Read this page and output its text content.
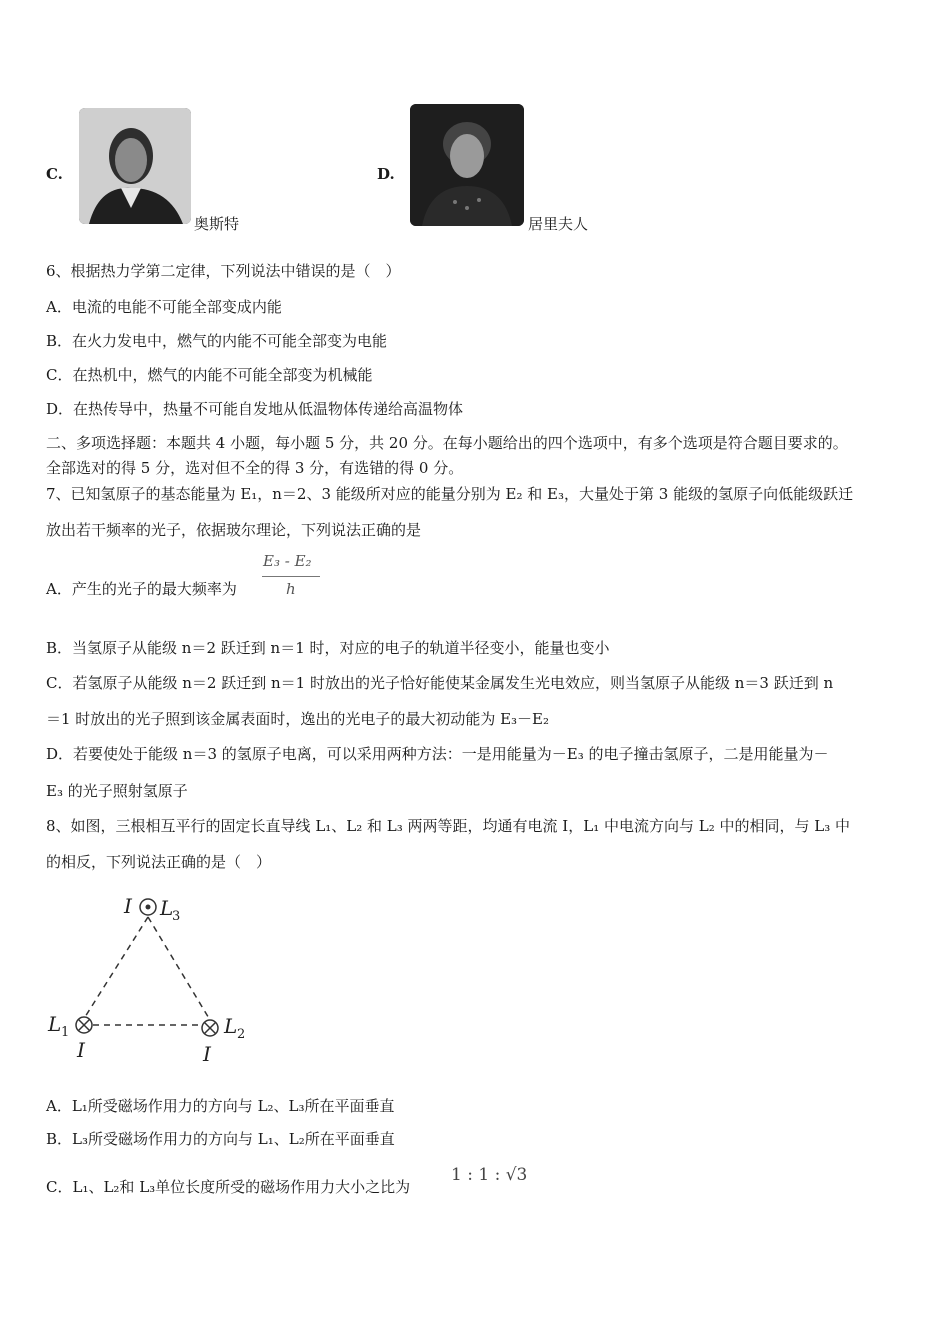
C.
奥斯特
D.
居里夫人
6、根据热力学第二定律，下列说法中错误的是（　）
A．电流的电能不可能全部变成内能
B．在火力发电中，燃气的内能不可能全部变为电能
C．在热机中，燃气的内能不可能全部变为机械能
D．在热传导中，热量不可能自发地从低温物体传递给高温物体
二、多项选择题：本题共 4 小题，每小题 5 分，共 20 分。在每小题给出的四个选项中，有多个选项是符合题目要求的。
全部选对的得 5 分，选对但不全的得 3 分，有选错的得 0 分。
7、已知氢原子的基态能量为 E₁，n＝2、3 能级所对应的能量分别为 E₂ 和 E₃，大量处于第 3 能级的氢原子向低能级跃迁
放出若干频率的光子，依据玻尔理论，下列说法正确的是
A．产生的光子的最大频率为
E₃ - E₂
h
B．当氢原子从能级 n＝2 跃迁到 n＝1 时，对应的电子的轨道半径变小，能量也变小
C．若氢原子从能级 n＝2 跃迁到 n＝1 时放出的光子恰好能使某金属发生光电效应，则当氢原子从能级 n＝3 跃迁到 n
＝1 时放出的光子照到该金属表面时，逸出的光电子的最大初动能为 E₃－E₂
D．若要使处于能级 n＝3 的氢原子电离，可以采用两种方法：一是用能量为－E₃ 的电子撞击氢原子，二是用能量为－
E₃ 的光子照射氢原子
8、如图，三根相互平行的固定长直导线 L₁、L₂ 和 L₃ 两两等距，均通有电流 I，L₁ 中电流方向与 L₂ 中的相同，与 L₃ 中
的相反，下列说法正确的是（　）
I L
3
L 1
I
L 2
I
A．L₁所受磁场作用力的方向与 L₂、L₃所在平面垂直
B．L₃所受磁场作用力的方向与 L₁、L₂所在平面垂直
C．L₁、L₂和 L₃单位长度所受的磁场作用力大小之比为
1 : 1 : √3
